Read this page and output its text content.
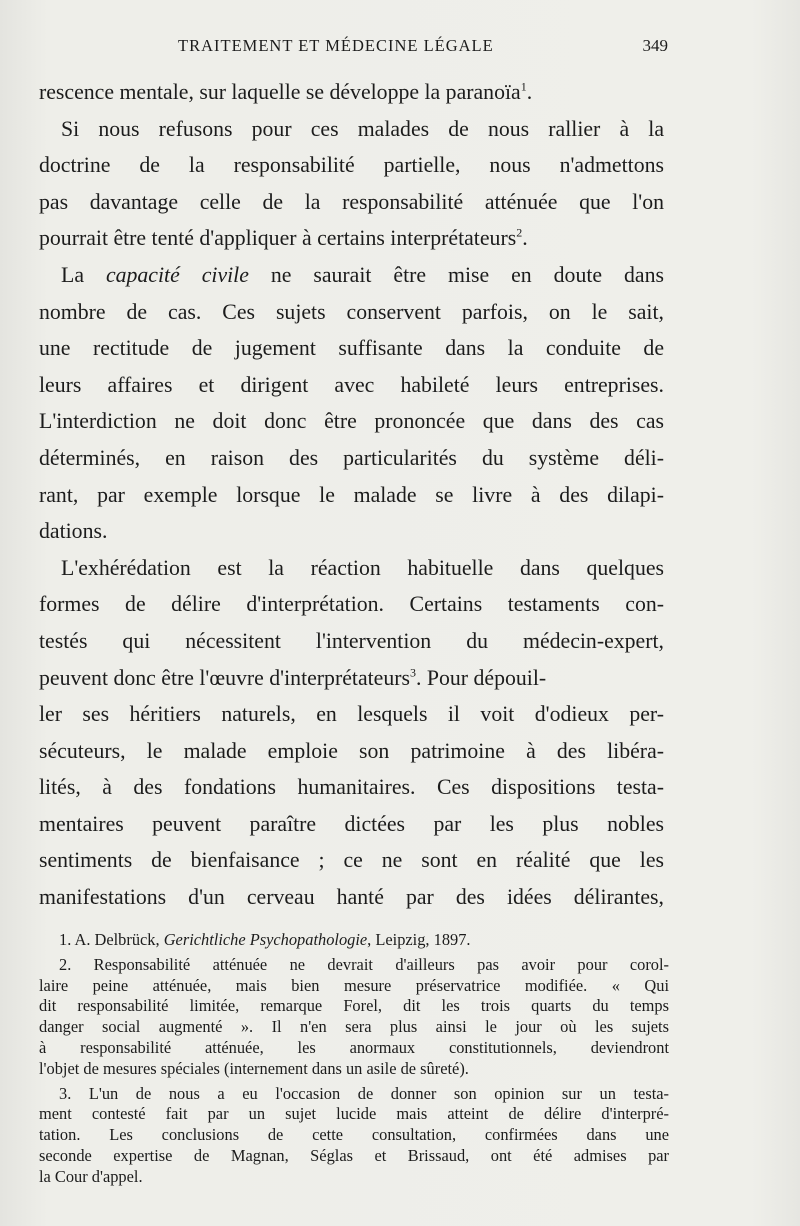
TRAITEMENT ET MÉDECINE LÉGALE	349
rescence mentale, sur laquelle se développe la paranoïa$^1$.
Si nous refusons pour ces malades de nous rallier à la
doctrine de la responsabilité partielle, nous n'admettons
pas davantage celle de la responsabilité atténuée que l'on
pourrait être tenté d'appliquer à certains interprétateurs$^2$.
La capacité civile ne saurait être mise en doute dans
nombre de cas. Ces sujets conservent parfois, on le sait,
une rectitude de jugement suffisante dans la conduite de
leurs affaires et dirigent avec habileté leurs entreprises.
L'interdiction ne doit donc être prononcée que dans des cas
déterminés, en raison des particularités du système déli-
rant, par exemple lorsque le malade se livre à des dilapi-
dations.
L'exhérédation est la réaction habituelle dans quelques
formes de délire d'interprétation. Certains testaments con-
testés qui nécessitent l'intervention du médecin-expert,
peuvent donc être l'œuvre d'interprétateurs$^3$. Pour dépouil-
ler ses héritiers naturels, en lesquels il voit d'odieux per-
sécuteurs, le malade emploie son patrimoine à des libéra-
lités, à des fondations humanitaires. Ces dispositions testa-
mentaires peuvent paraître dictées par les plus nobles
sentiments de bienfaisance ; ce ne sont en réalité que les
manifestations d'un cerveau hanté par des idées délirantes,
1. A. Delbrück, Gerichtliche Psychopathologie, Leipzig, 1897.
2. Responsabilité atténuée ne devrait d'ailleurs pas avoir pour corol-
laire peine atténuée, mais bien mesure préservatrice modifiée. « Qui
dit responsabilité limitée, remarque Forel, dit les trois quarts du temps
danger social augmenté ». Il n'en sera plus ainsi le jour où les sujets
à responsabilité atténuée, les anormaux constitutionnels, deviendront
l'objet de mesures spéciales (internement dans un asile de sûreté).
3. L'un de nous a eu l'occasion de donner son opinion sur un testa-
ment contesté fait par un sujet lucide mais atteint de délire d'interpré-
tation. Les conclusions de cette consultation, confirmées dans une
seconde expertise de Magnan, Séglas et Brissaud, ont été admises par
la Cour d'appel.
